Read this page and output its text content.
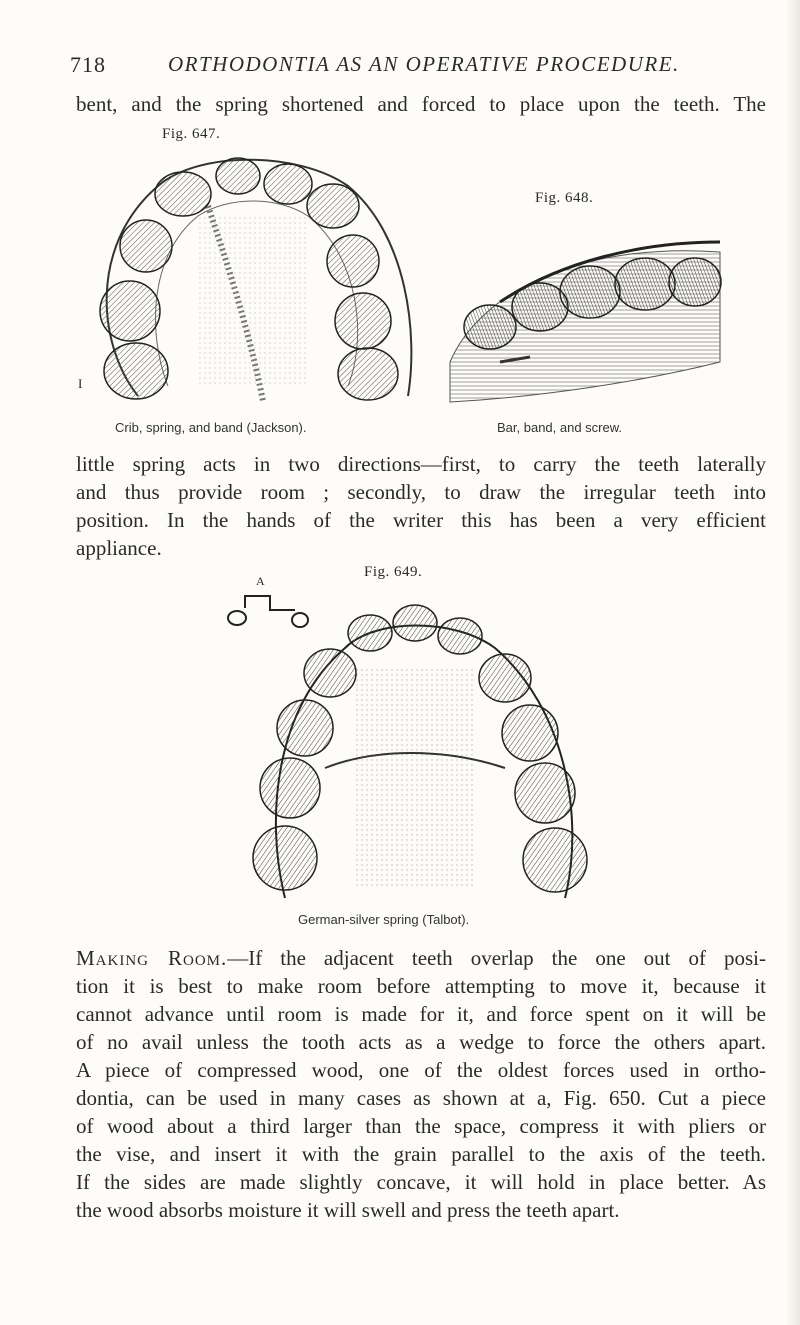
718	ORTHODONTIA AS AN OPERATIVE PROCEDURE.
bent, and the spring shortened and forced to place upon the teeth. The
Fig. 647.
I
Crib, spring, and band (Jackson).
Fig. 648.
Bar, band, and screw.
little spring acts in two directions—first, to carry the teeth laterally
and thus provide room ; secondly, to draw the irregular teeth into
position. In the hands of the writer this has been a very efficient
appliance.
Fig. 649.
A
German-silver spring (Talbot).
Making Room.—If the adjacent teeth overlap the one out of posi-
tion it is best to make room before attempting to move it, because it
cannot advance until room is made for it, and force spent on it will be
of no avail unless the tooth acts as a wedge to force the others apart.
A piece of compressed wood, one of the oldest forces used in ortho-
dontia, can be used in many cases as shown at a, Fig. 650. Cut a piece
of wood about a third larger than the space, compress it with pliers or
the vise, and insert it with the grain parallel to the axis of the teeth.
If the sides are made slightly concave, it will hold in place better. As
the wood absorbs moisture it will swell and press the teeth apart.
